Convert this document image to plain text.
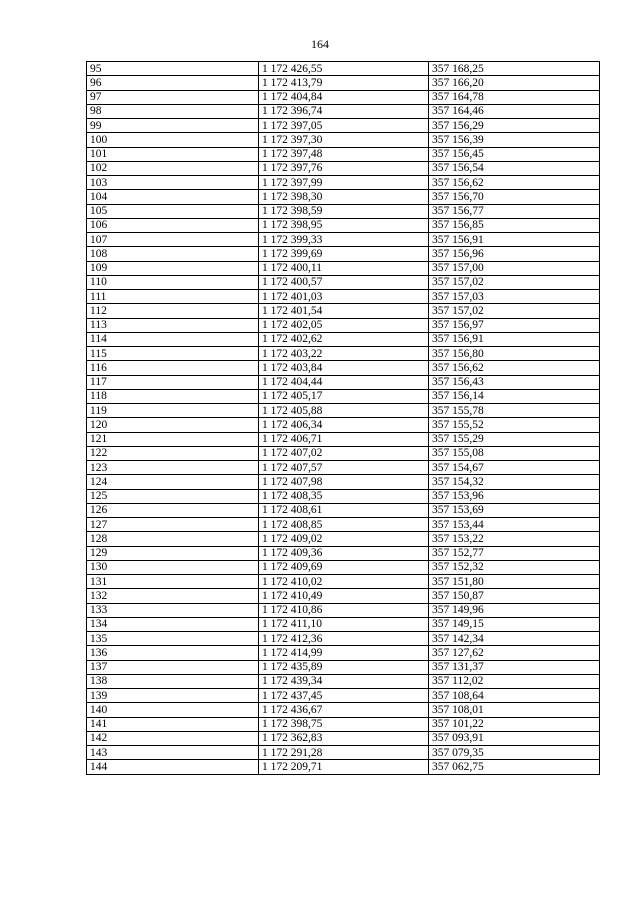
164
95	1 172 426,55	357 168,25
96	1 172 413,79	357 166,20
97	1 172 404,84	357 164,78
98	1 172 396,74	357 164,46
99	1 172 397,05	357 156,29
100	1 172 397,30	357 156,39
101	1 172 397,48	357 156,45
102	1 172 397,76	357 156,54
103	1 172 397,99	357 156,62
104	1 172 398,30	357 156,70
105	1 172 398,59	357 156,77
106	1 172 398,95	357 156,85
107	1 172 399,33	357 156,91
108	1 172 399,69	357 156,96
109	1 172 400,11	357 157,00
110	1 172 400,57	357 157,02
111	1 172 401,03	357 157,03
112	1 172 401,54	357 157,02
113	1 172 402,05	357 156,97
114	1 172 402,62	357 156,91
115	1 172 403,22	357 156,80
116	1 172 403,84	357 156,62
117	1 172 404,44	357 156,43
118	1 172 405,17	357 156,14
119	1 172 405,88	357 155,78
120	1 172 406,34	357 155,52
121	1 172 406,71	357 155,29
122	1 172 407,02	357 155,08
123	1 172 407,57	357 154,67
124	1 172 407,98	357 154,32
125	1 172 408,35	357 153,96
126	1 172 408,61	357 153,69
127	1 172 408,85	357 153,44
128	1 172 409,02	357 153,22
129	1 172 409,36	357 152,77
130	1 172 409,69	357 152,32
131	1 172 410,02	357 151,80
132	1 172 410,49	357 150,87
133	1 172 410,86	357 149,96
134	1 172 411,10	357 149,15
135	1 172 412,36	357 142,34
136	1 172 414,99	357 127,62
137	1 172 435,89	357 131,37
138	1 172 439,34	357 112,02
139	1 172 437,45	357 108,64
140	1 172 436,67	357 108,01
141	1 172 398,75	357 101,22
142	1 172 362,83	357 093,91
143	1 172 291,28	357 079,35
144	1 172 209,71	357 062,75
